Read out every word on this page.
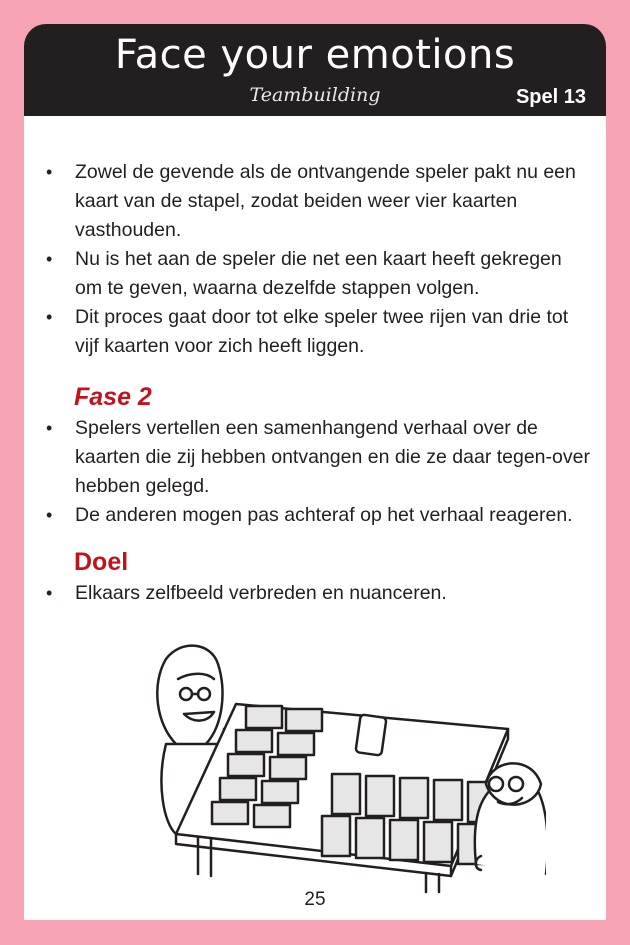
Face your emotions
Teambuilding	Spel 13
• Zowel de gevende als de ontvangende speler pakt nu een kaart van de stapel, zodat beiden weer vier kaarten vasthouden.
• Nu is het aan de speler die net een kaart heeft gekregen om te geven, waarna dezelfde stappen volgen.
• Dit proces gaat door tot elke speler twee rijen van drie tot vijf kaarten voor zich heeft liggen.
Fase 2
• Spelers vertellen een samenhangend verhaal over de kaarten die zij hebben ontvangen en die ze daar tegen-over hebben gelegd.
• De anderen mogen pas achteraf op het verhaal reageren.
Doel
• Elkaars zelfbeeld verbreden en nuanceren.
25
